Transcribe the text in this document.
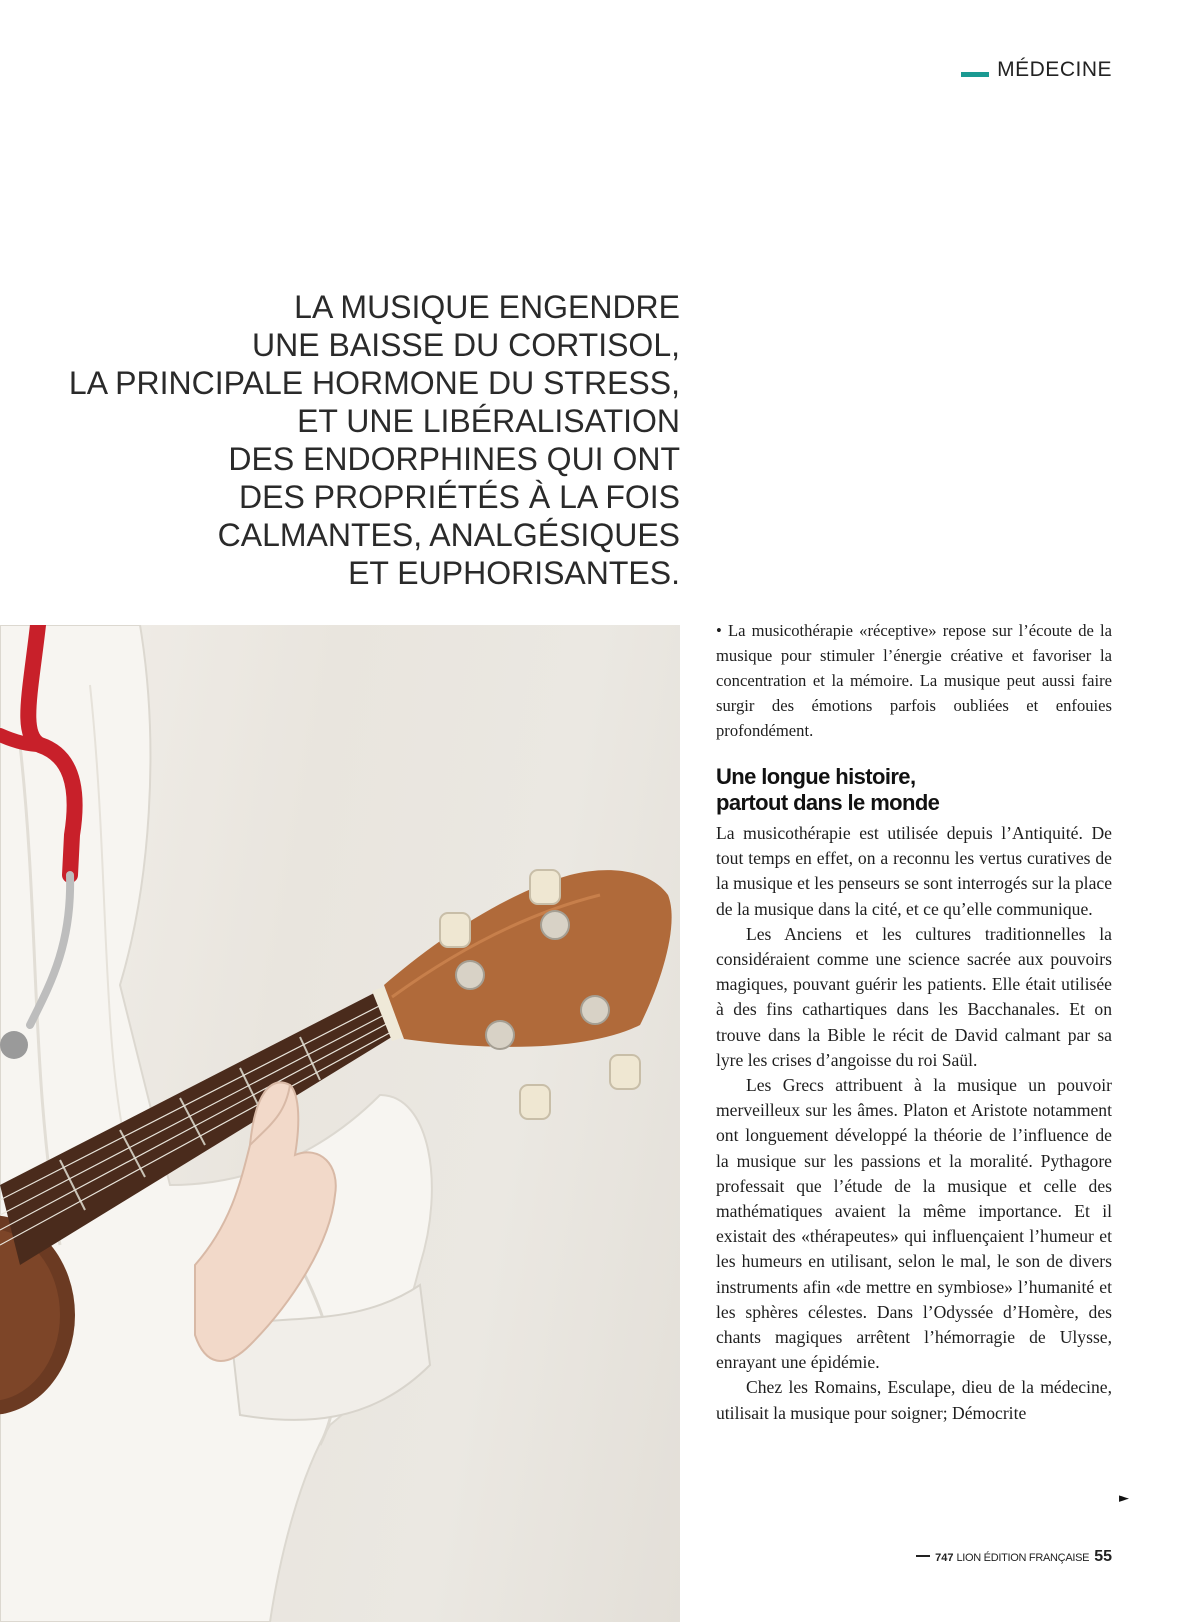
MÉDECINE
LA MUSIQUE ENGENDRE
UNE BAISSE DU CORTISOL,
LA PRINCIPALE HORMONE DU STRESS,
ET UNE LIBÉRALISATION
DES ENDORPHINES QUI ONT
DES PROPRIÉTÉS À LA FOIS
CALMANTES, ANALGÉSIQUES
ET EUPHORISANTES.

• La musicothérapie «réceptive» repose sur l’écoute de la musique pour stimuler l’énergie créative et favoriser la concentration et la mémoire. La musique peut aussi faire surgir des émotions parfois oubliées et enfouies profondément.

Une longue histoire,
partout dans le monde

La musicothérapie est utilisée depuis l’Antiquité. De tout temps en effet, on a reconnu les vertus curatives de la musique et les penseurs se sont interrogés sur la place de la musique dans la cité, et ce qu’elle communique.

Les Anciens et les cultures traditionnelles la considéraient comme une science sacrée aux pouvoirs magiques, pouvant guérir les patients. Elle était utilisée à des fins cathartiques dans les Bacchanales. Et on trouve dans la Bible le récit de David calmant par sa lyre les crises d’angoisse du roi Saül.

Les Grecs attribuent à la musique un pouvoir merveilleux sur les âmes. Platon et Aristote notamment ont longuement développé la théorie de l’influence de la musique sur les passions et la moralité. Pythagore professait que l’étude de la musique et celle des mathématiques avaient la même importance. Et il existait des «thérapeutes» qui influençaient l’humeur et les humeurs en utilisant, selon le mal, le son de divers instruments afin «de mettre en symbiose» l’humanité et les sphères célestes. Dans l’Odyssée d’Homère, des chants magiques arrêtent l’hémorragie de Ulysse, enrayant une épidémie.

Chez les Romains, Esculape, dieu de la médecine, utilisait la musique pour soigner; Démocrite

►
747 LION ÉDITION FRANÇAISE 55
